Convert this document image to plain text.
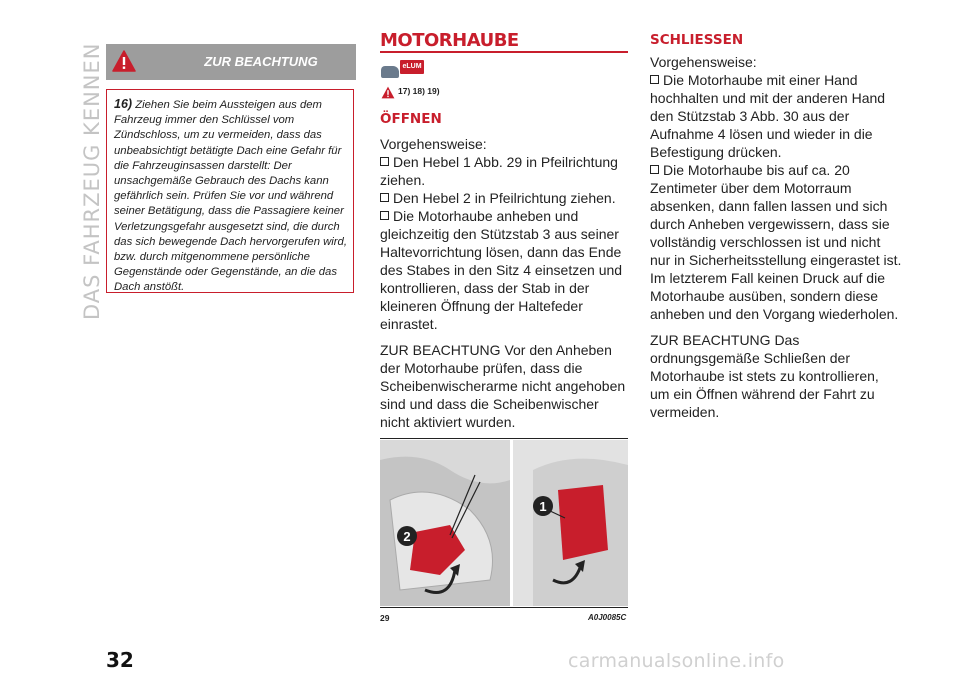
DAS FAHRZEUG KENNEN	ZUR BEACHTUNG

16) Ziehen Sie beim Aussteigen aus dem Fahrzeug immer den Schlüssel vom Zündschloss, um zu vermeiden, dass das unbeabsichtigt betätigte Dach eine Gefahr für die Fahrzeuginsassen darstellt: Der unsachgemäße Gebrauch des Dachs kann gefährlich sein. Prüfen Sie vor und während seiner Betätigung, dass die Passagiere keiner Verletzungsgefahr ausgesetzt sind, die durch das sich bewegende Dach hervorgerufen wird, bzw. durch mitgenommene persönliche Gegenstände oder Gegenstände, an die das Dach anstößt.

MOTORHAUBE
eLUM
17) 18) 19)
ÖFFNEN

Vorgehensweise:

Den Hebel 1 Abb. 29 in Pfeilrichtung ziehen.

Den Hebel 2 in Pfeilrichtung ziehen.

Die Motorhaube anheben und gleichzeitig den Stützstab 3 aus seiner Haltevorrichtung lösen, dann das Ende des Stabes in den Sitz 4 einsetzen und kontrollieren, dass der Stab in der kleineren Öffnung der Haltefeder einrastet.

ZUR BEACHTUNG Vor den Anheben der Motorhaube prüfen, dass die Scheibenwischerarme nicht angehoben sind und dass die Scheibenwischer nicht aktiviert wurden.

2
1
29	A0J0085C
SCHLIESSEN

Vorgehensweise:

Die Motorhaube mit einer Hand hochhalten und mit der anderen Hand den Stützstab 3 Abb. 30 aus der Aufnahme 4 lösen und wieder in die Befestigung drücken.

Die Motorhaube bis auf ca. 20 Zentimeter über dem Motorraum absenken, dann fallen lassen und sich durch Anheben vergewissern, dass sie vollständig verschlossen ist und nicht nur in Sicherheitsstellung eingerastet ist. Im letzterem Fall keinen Druck auf die Motorhaube ausüben, sondern diese anheben und den Vorgang wiederholen.

ZUR BEACHTUNG Das ordnungsgemäße Schließen der Motorhaube ist stets zu kontrollieren, um ein Öffnen während der Fahrt zu vermeiden.

32	carmanualsonline.info
